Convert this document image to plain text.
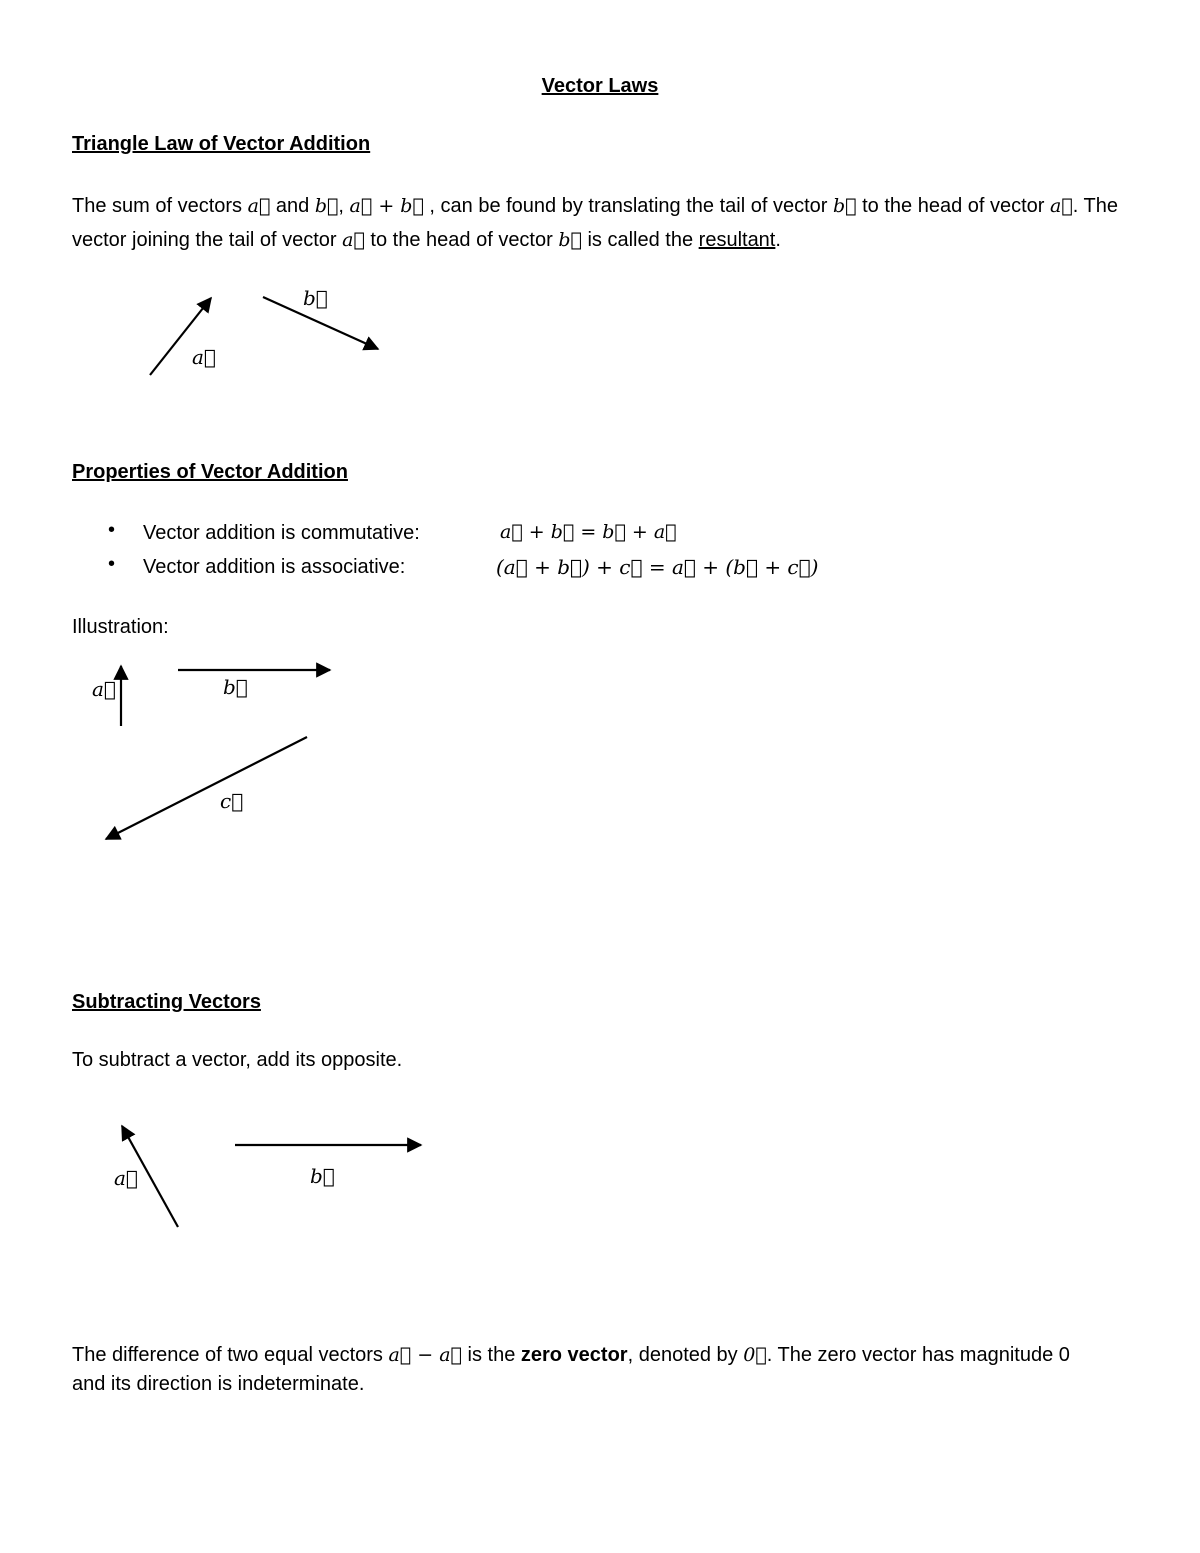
Vector Laws
Triangle Law of Vector Addition
The sum of vectors a⃗ and b⃗, a⃗ + b⃗ , can be found by translating the tail of vector b⃗ to the head of vector a⃗. The
vector joining the tail of vector a⃗ to the head of vector b⃗ is called the resultant.
a⃗
b⃗
Properties of Vector Addition
• Vector addition is commutative:	a⃗ + b⃗ = b⃗ + a⃗
• Vector addition is associative:	(a⃗ + b⃗) + c⃗ = a⃗ + (b⃗ + c⃗)
Illustration:
a⃗	b⃗
c⃗
Subtracting Vectors
To subtract a vector, add its opposite.
a⃗	b⃗
The difference of two equal vectors a⃗ − a⃗ is the zero vector, denoted by 0⃗. The zero vector has magnitude 0
and its direction is indeterminate.
